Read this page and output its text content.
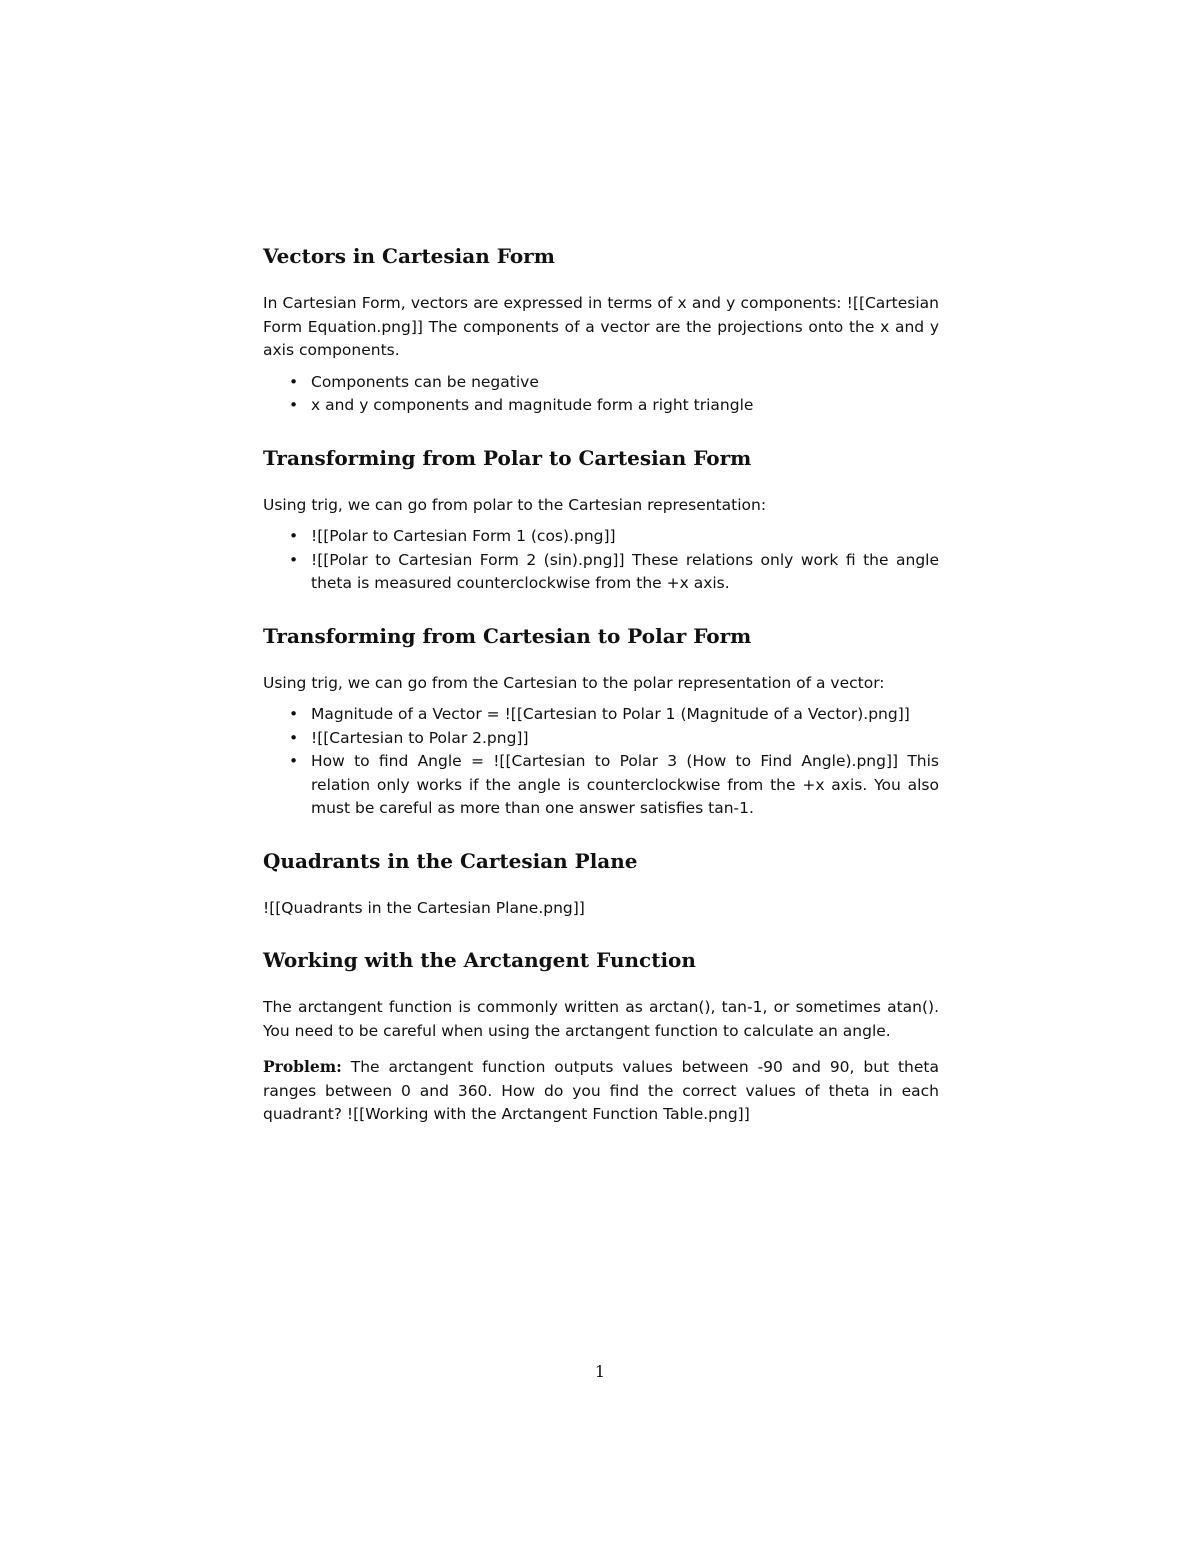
Vectors in Cartesian Form

In Cartesian Form, vectors are expressed in terms of x and y components: ![[Cartesian Form Equation.png]] The components of a vector are the projections onto the x and y axis components.

• Components can be negative
• x and y components and magnitude form a right triangle
Transforming from Polar to Cartesian Form

Using trig, we can go from polar to the Cartesian representation:

• ![[Polar to Cartesian Form 1 (cos).png]]
• ![[Polar to Cartesian Form 2 (sin).png]] These relations only work fi the angle theta is measured counterclockwise from the +x axis.
Transforming from Cartesian to Polar Form

Using trig, we can go from the Cartesian to the polar representation of a vector:

• Magnitude of a Vector = ![[Cartesian to Polar 1 (Magnitude of a Vector).png]]
• ![[Cartesian to Polar 2.png]]
• How to find Angle = ![[Cartesian to Polar 3 (How to Find Angle).png]] This relation only works if the angle is counterclockwise from the +x axis. You also must be careful as more than one answer satisfies tan-1.
Quadrants in the Cartesian Plane

![[Quadrants in the Cartesian Plane.png]]

Working with the Arctangent Function

The arctangent function is commonly written as arctan(), tan-1, or sometimes atan(). You need to be careful when using the arctangent function to calculate an angle.

Problem: The arctangent function outputs values between -90 and 90, but theta ranges between 0 and 360. How do you find the correct values of theta in each quadrant? ![[Working with the Arctangent Function Table.png]]

1
